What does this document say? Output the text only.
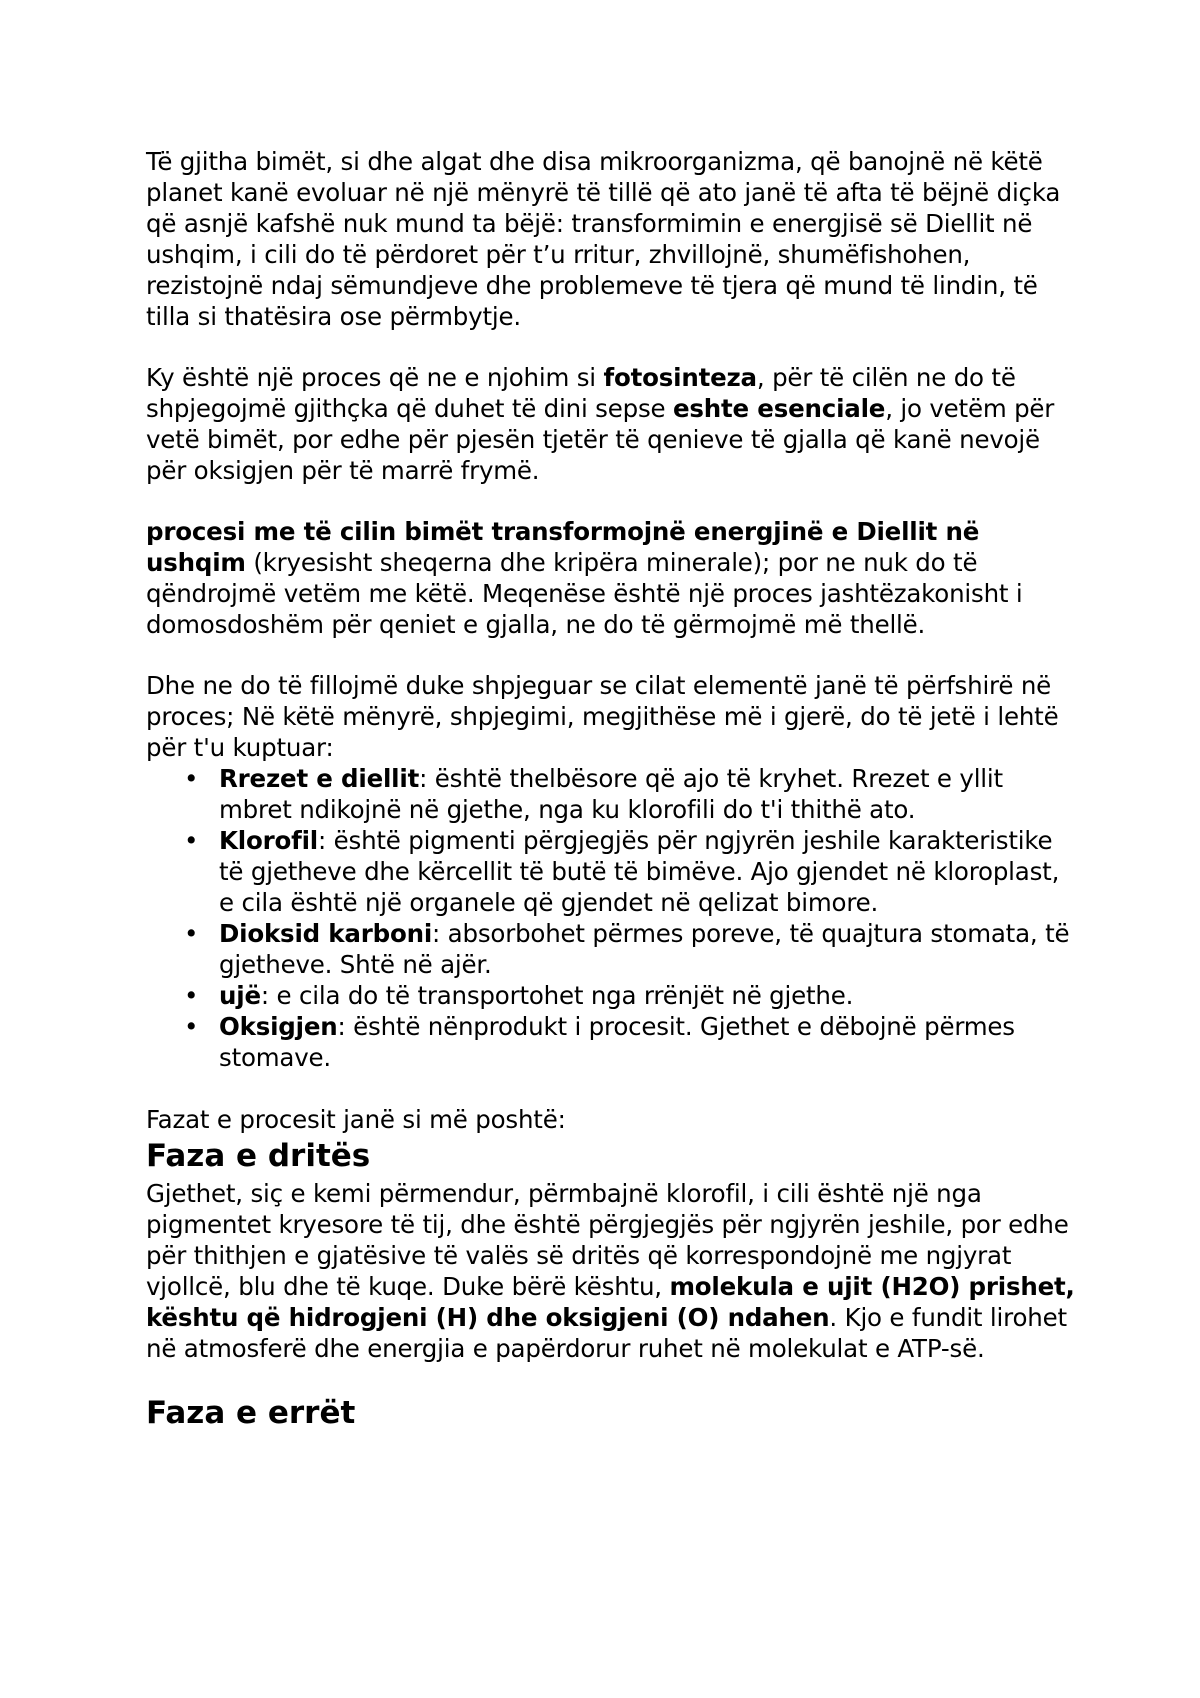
Të gjitha bimët, si dhe algat dhe disa mikroorganizma, që banojnë në këtë planet kanë evoluar në një mënyrë të tillë që ato janë të afta të bëjnë diçka që asnjë kafshë nuk mund ta bëjë: transformimin e energjisë së Diellit në ushqim, i cili do të përdoret për t’u rritur, zhvillojnë, shumëfishohen, rezistojnë ndaj sëmundjeve dhe problemeve të tjera që mund të lindin, të tilla si thatësira ose përmbytje.

Ky është një proces që ne e njohim si fotosinteza, për të cilën ne do të shpjegojmë gjithçka që duhet të dini sepse eshte esenciale, jo vetëm për vetë bimët, por edhe për pjesën tjetër të qenieve të gjalla që kanë nevojë për oksigjen për të marrë frymë.

procesi me të cilin bimët transformojnë energjinë e Diellit në ushqim (kryesisht sheqerna dhe kripëra minerale); por ne nuk do të qëndrojmë vetëm me këtë. Meqenëse është një proces jashtëzakonisht i domosdoshëm për qeniet e gjalla, ne do të gërmojmë më thellë.

Dhe ne do të fillojmë duke shpjeguar se cilat elementë janë të përfshirë në proces; Në këtë mënyrë, shpjegimi, megjithëse më i gjerë, do të jetë i lehtë për t'u kuptuar:

• Rrezet e diellit: është thelbësore që ajo të kryhet. Rrezet e yllit mbret ndikojnë në gjethe, nga ku klorofili do t'i thithë ato.
• Klorofil: është pigmenti përgjegjës për ngjyrën jeshile karakteristike të gjetheve dhe kërcellit të butë të bimëve. Ajo gjendet në kloroplast, e cila është një organele që gjendet në qelizat bimore.
• Dioksid karboni: absorbohet përmes poreve, të quajtura stomata, të gjetheve. Shtë në ajër.
• ujë: e cila do të transportohet nga rrënjët në gjethe.
• Oksigjen: është nënprodukt i procesit. Gjethet e dëbojnë përmes stomave.

Fazat e procesit janë si më poshtë:

Faza e dritës

Gjethet, siç e kemi përmendur, përmbajnë klorofil, i cili është një nga pigmentet kryesore të tij, dhe është përgjegjës për ngjyrën jeshile, por edhe për thithjen e gjatësive të valës së dritës që korrespondojnë me ngjyrat vjollcë, blu dhe të kuqe. Duke bërë kështu, molekula e ujit (H2O) prishet, kështu që hidrogjeni (H) dhe oksigjeni (O) ndahen. Kjo e fundit lirohet në atmosferë dhe energjia e papërdorur ruhet në molekulat e ATP-së.

Faza e errët
